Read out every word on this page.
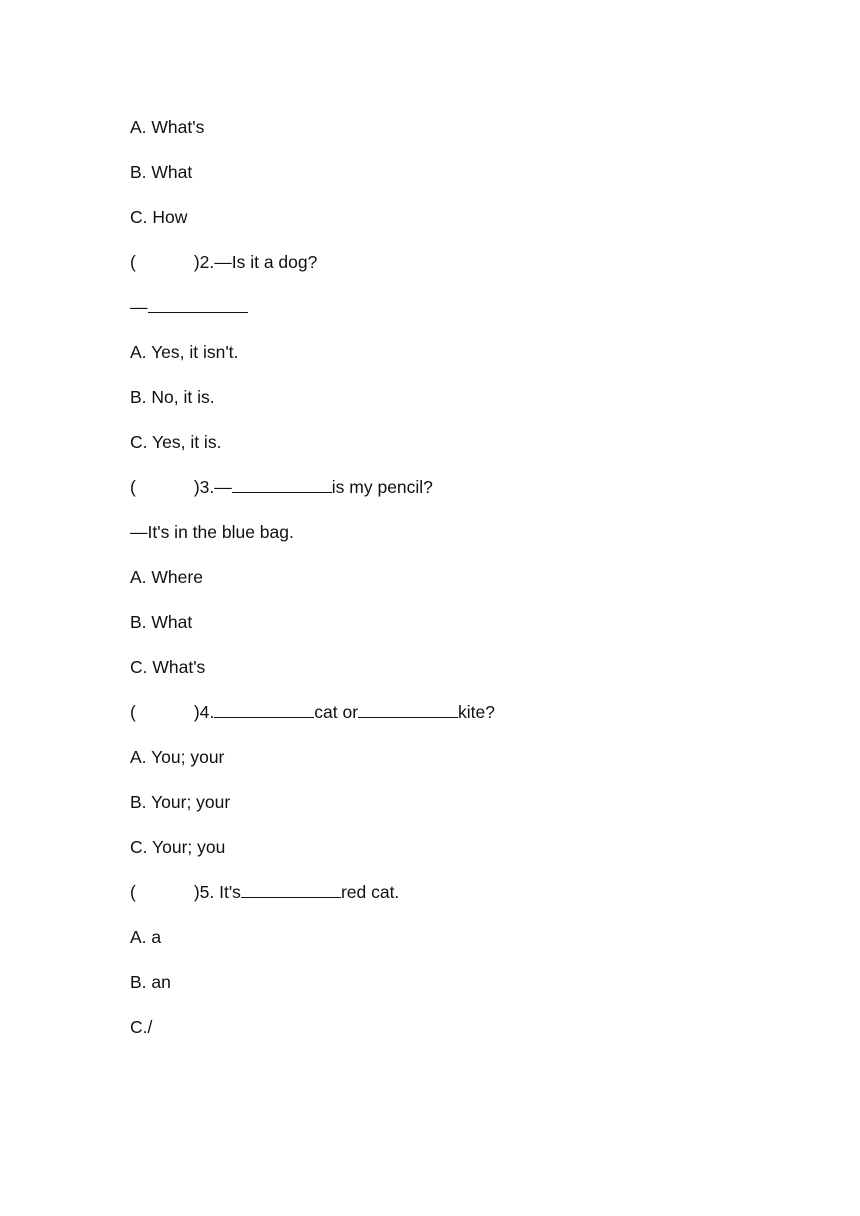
A. What's
B. What
C. How
(	)2.—Is it a dog?
—
A. Yes, it isn't.
B. No, it is.
C. Yes, it is.
(	)3.—	is my pencil?
—It's in the blue bag.
A. Where
B. What
C. What's
(	)4.	cat or	kite?
A. You; your
B. Your; your
C. Your; you
(	)5. It's	red cat.
A. a
B. an
C./
